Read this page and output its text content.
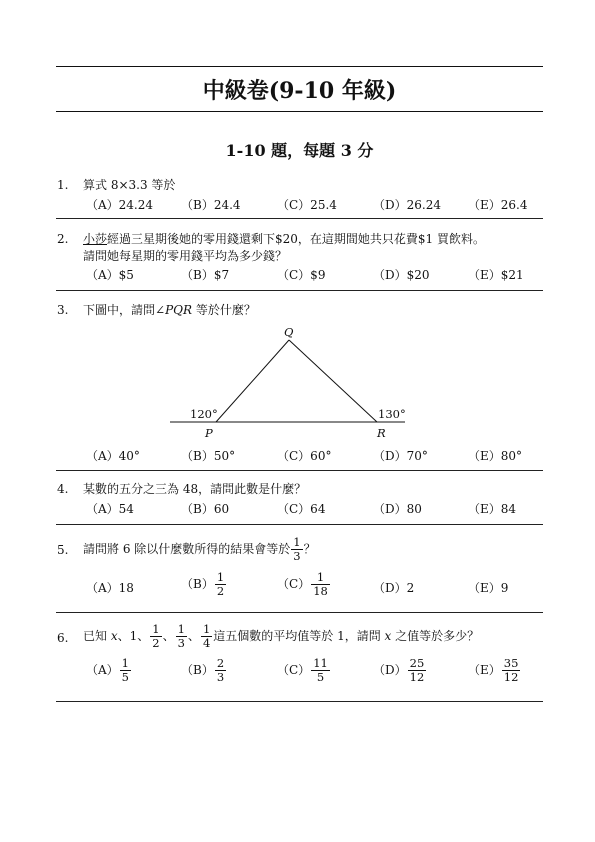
中級卷(9-10 年級)
1-10 題，每題 3 分
1. 算式 8×3.3 等於
（A）24.24 （B）24.4	（C）25.4	（D）26.24 （E）26.4
2. 小莎經過三星期後她的零用錢還剩下$20，在這期間她共只花費$1 買飲料。
請問她每星期的零用錢平均為多少錢？
（A）$5	（B）$7	（C）$9	（D）$20	（E）$21
3. 下圖中，請問∠PQR 等於什麼？
Q
P	R
120°	130°
（A）40°	（B）50°	（C）60°	（D）70°	（E）80°
4. 某數的五分之三為 48，請問此數是什麼？
（A）54	（B）60	（C）64	（D）80	（E）84
5. 請問將 6 除以什麼數所得的結果會等於 $\frac{1}{3}$ ？
（A）18	$(B) \frac{1}{2}$	$(C) \frac{1}{18}$	（D）2	（E）9
6. 已知 x、1、 $\frac{1}{2}$ 、 $\frac{1}{3}$ 、 $\frac{1}{4}$ 這五個數的平均值等於 1，請問 x 之值等於多少？
$(A) \frac{1}{5}$	$(B) \frac{2}{3}$	$(C) \frac{11}{5}$	$(D) \frac{25}{12}$	$(E) \frac{35}{12}$
